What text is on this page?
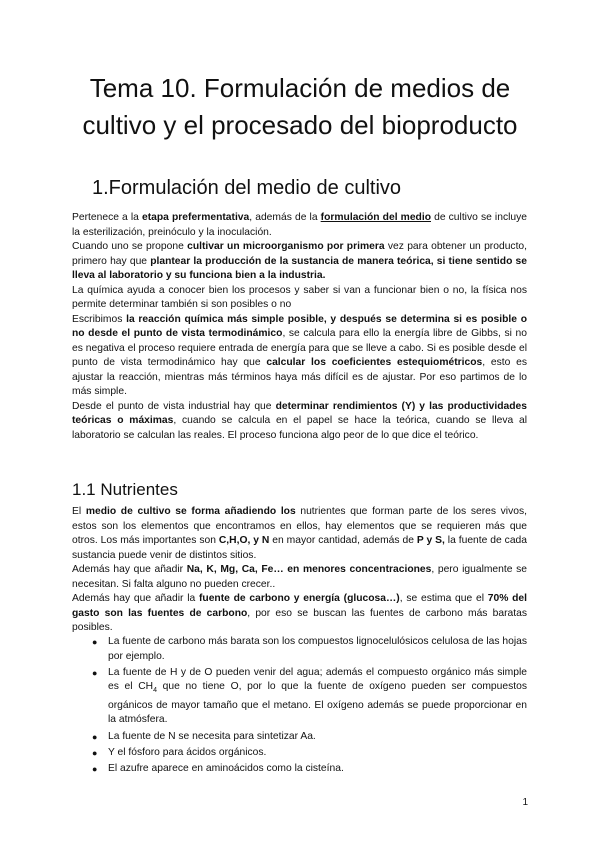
Tema 10. Formulación de medios de cultivo y el procesado del bioproducto
1.Formulación del medio de cultivo

Pertenece a la etapa prefermentativa, además de la formulación del medio de cultivo se incluye la esterilización, preinóculo y la inoculación.

Cuando uno se propone cultivar un microorganismo por primera vez para obtener un producto, primero hay que plantear la producción de la sustancia de manera teórica, si tiene sentido se lleva al laboratorio y su funciona bien a la industria.

La química ayuda a conocer bien los procesos y saber si van a funcionar bien o no, la física nos permite determinar también si son posibles o no

Escribimos la reacción química más simple posible, y después se determina si es posible o no desde el punto de vista termodinámico, se calcula para ello la energía libre de Gibbs, si no es negativa el proceso requiere entrada de energía para que se lleve a cabo. Si es posible desde el punto de vista termodinámico hay que calcular los coeficientes estequiométricos, esto es ajustar la reacción, mientras más términos haya más difícil es de ajustar. Por eso partimos de lo más simple.

Desde el punto de vista industrial hay que determinar rendimientos (Y) y las productividades teóricas o máximas, cuando se calcula en el papel se hace la teórica, cuando se lleva al laboratorio se calculan las reales. El proceso funciona algo peor de lo que dice el teórico.

1.1 Nutrientes

El medio de cultivo se forma añadiendo los nutrientes que forman parte de los seres vivos, estos son los elementos que encontramos en ellos, hay elementos que se requieren más que otros. Los más importantes son C,H,O, y N en mayor cantidad, además de P y S, la fuente de cada sustancia puede venir de distintos sitios.

Además hay que añadir Na, K, Mg, Ca, Fe… en menores concentraciones, pero igualmente se necesitan. Si falta alguno no pueden crecer..

Además hay que añadir la fuente de carbono y energía (glucosa…), se estima que el 70% del gasto son las fuentes de carbono, por eso se buscan las fuentes de carbono más baratas posibles.

● La fuente de carbono más barata son los compuestos lignocelulósicos celulosa de las hojas por ejemplo.
● La fuente de H y de O pueden venir del agua; además el compuesto orgánico más simple es el $CH_4$ que no tiene O, por lo que la fuente de oxígeno pueden ser compuestos orgánicos de mayor tamaño que el metano. El oxígeno además se puede proporcionar en la atmósfera.
● La fuente de N se necesita para sintetizar Aa.
● Y el fósforo para ácidos orgánicos.
● El azufre aparece en aminoácidos como la cisteína.
1
